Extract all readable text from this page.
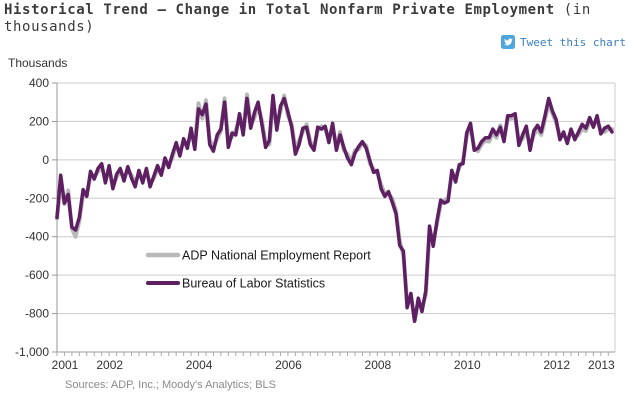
Historical Trend – Change in Total Nonfarm Private Employment (in thousands)
Tweet this chart
400
200
0
-200
-400
-600
-800
-1,000
2001 2002	2004	2006	2008	2010	2012 2013
Thousands
ADP National Employment Report
Bureau of Labor Statistics
Sources: ADP, Inc.; Moody's Analytics; BLS
